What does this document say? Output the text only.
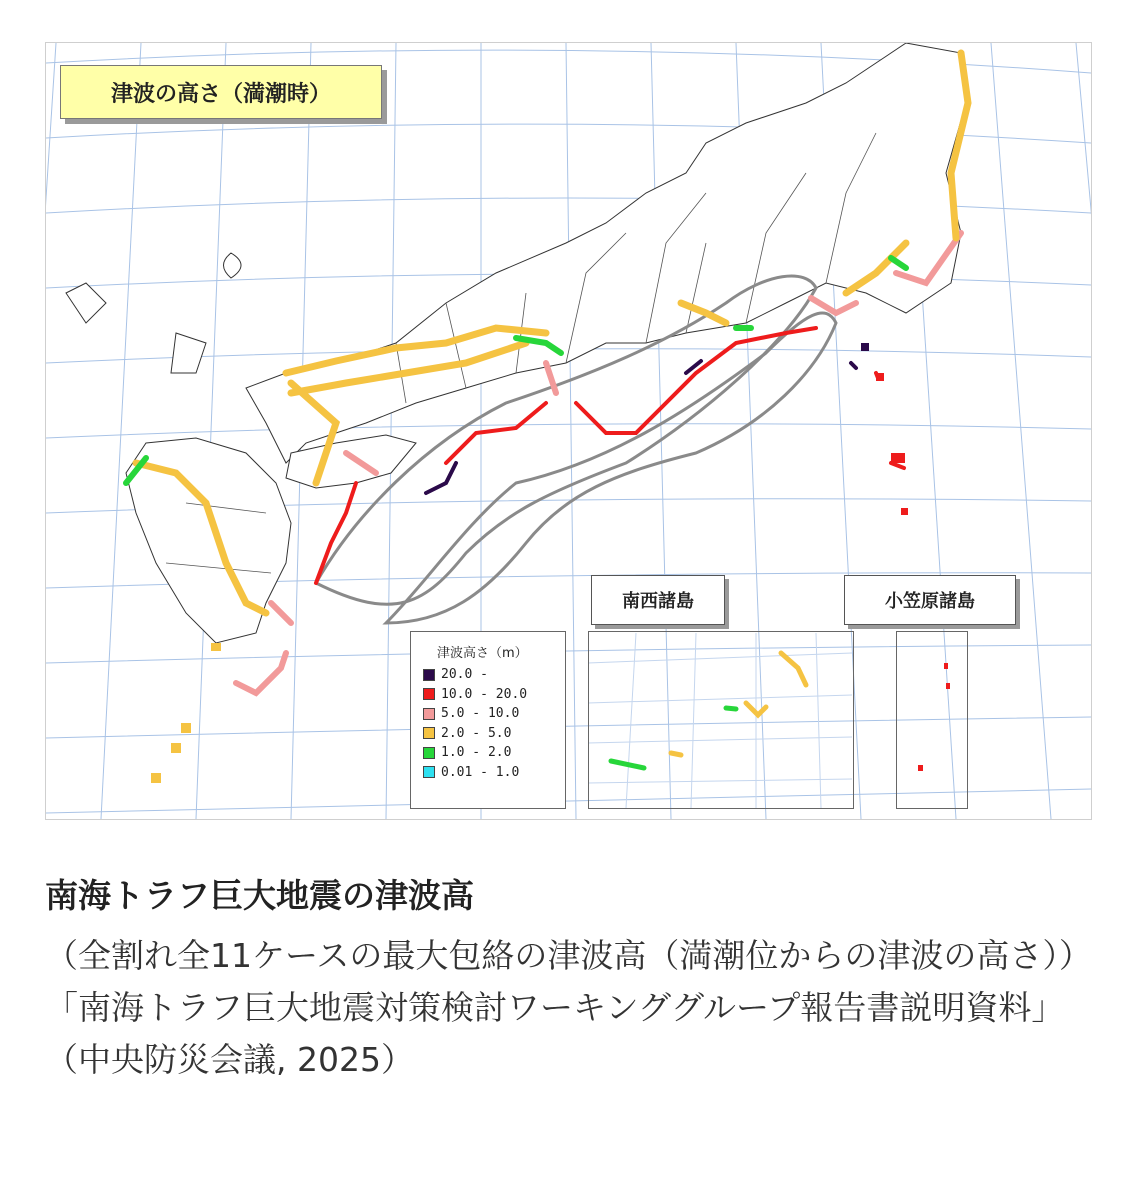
津波の高さ（満潮時）
津波高さ（m）
20.0 -
10.0 - 20.0
5.0 - 10.0
2.0 - 5.0
1.0 - 2.0
0.01 - 1.0
南西諸島	小笠原諸島
南海トラフ巨大地震の津波高

（全割れ全11ケースの最大包絡の津波高（満潮位からの津波の高さ））「南海トラフ巨大地震対策検討ワーキンググループ報告書説明資料」（中央防災会議, 2025）
